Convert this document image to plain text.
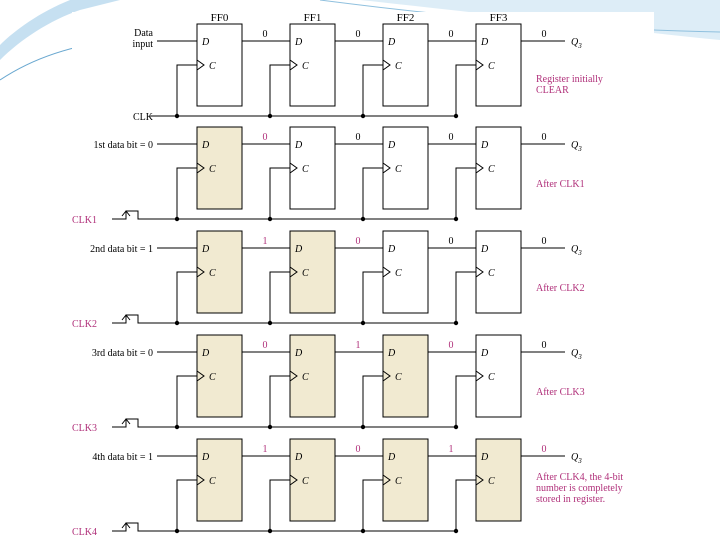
FF0	FF1	FF2	FF3
Data
input
CLK
D
C
0
D
C
0
D
C
0
D
C
0
$Q_3$
Register initially
CLEAR
1st data bit = 0
CLK1
D
C
0
D
C
0
D
C
0
D
C
0
$Q_3$
After CLK1
2nd data bit = 1
CLK2
D
C
1
D
C
0
D
C
0
D
C
0
$Q_3$
After CLK2
3rd data bit = 0
CLK3
D
C
0
D
C
1
D
C
0
D
C
0
$Q_3$
After CLK3
4th data bit = 1
CLK4
D
C
1
D
C
0
D
C
1
D
C
0
$Q_3$
After CLK4, the 4-bit
number is completely
stored in register.
